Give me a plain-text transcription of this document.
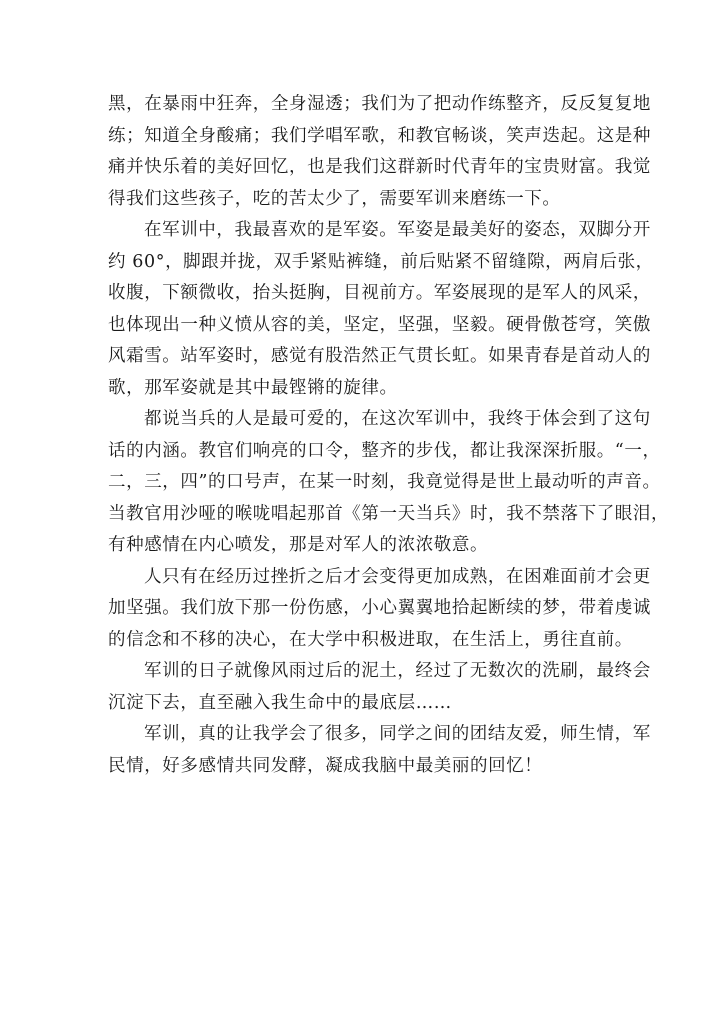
黑，在暴雨中狂奔，全身湿透；我们为了把动作练整齐，反反复复地
练；知道全身酸痛；我们学唱军歌，和教官畅谈，笑声迭起。这是种
痛并快乐着的美好回忆，也是我们这群新时代青年的宝贵财富。我觉
得我们这些孩子，吃的苦太少了，需要军训来磨练一下。
在军训中，我最喜欢的是军姿。军姿是最美好的姿态，双脚分开
约 60°，脚跟并拢，双手紧贴裤缝，前后贴紧不留缝隙，两肩后张，
收腹，下额微收，抬头挺胸，目视前方。军姿展现的是军人的风采，
也体现出一种义愤从容的美，坚定，坚强，坚毅。硬骨傲苍穹，笑傲
风霜雪。站军姿时，感觉有股浩然正气贯长虹。如果青春是首动人的
歌，那军姿就是其中最铿锵的旋律。
都说当兵的人是最可爱的，在这次军训中，我终于体会到了这句
话的内涵。教官们响亮的口令，整齐的步伐，都让我深深折服。“一，
二，三，四”的口号声，在某一时刻，我竟觉得是世上最动听的声音。
当教官用沙哑的喉咙唱起那首《第一天当兵》时，我不禁落下了眼泪，
有种感情在内心喷发，那是对军人的浓浓敬意。
人只有在经历过挫折之后才会变得更加成熟，在困难面前才会更
加坚强。我们放下那一份伤感，小心翼翼地拾起断续的梦，带着虔诚
的信念和不移的决心，在大学中积极进取，在生活上，勇往直前。
军训的日子就像风雨过后的泥土，经过了无数次的洗刷，最终会
沉淀下去，直至融入我生命中的最底层……
军训，真的让我学会了很多，同学之间的团结友爱，师生情，军
民情，好多感情共同发酵，凝成我脑中最美丽的回忆！
